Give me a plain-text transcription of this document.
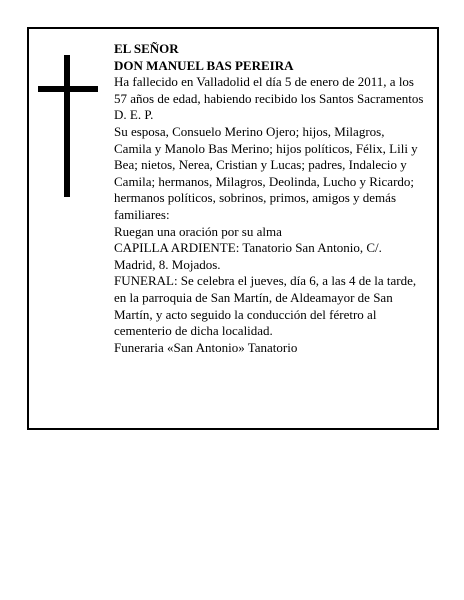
EL SEÑOR

DON MANUEL BAS PEREIRA

Ha fallecido en Valladolid el día 5 de enero de 2011, a los 57 años de edad, habiendo recibido los Santos Sacramentos

D. E. P.

Su esposa, Consuelo Merino Ojero; hijos, Milagros, Camila y Manolo Bas Merino; hijos políticos, Félix, Lili y Bea; nietos, Nerea, Cristian y Lucas; padres, Indalecio y Camila; hermanos, Milagros, Deolinda, Lucho y Ricardo; hermanos políticos, sobrinos, primos, amigos y demás familiares:

Ruegan una oración por su alma

CAPILLA ARDIENTE: Tanatorio San Antonio, C/. Madrid, 8. Mojados.

FUNERAL: Se celebra el jueves, día 6, a las 4 de la tarde, en la parroquia de San Martín, de Aldeamayor de San Martín, y acto seguido la conducción del féretro al cementerio de dicha localidad.

Funeraria «San Antonio» Tanatorio
